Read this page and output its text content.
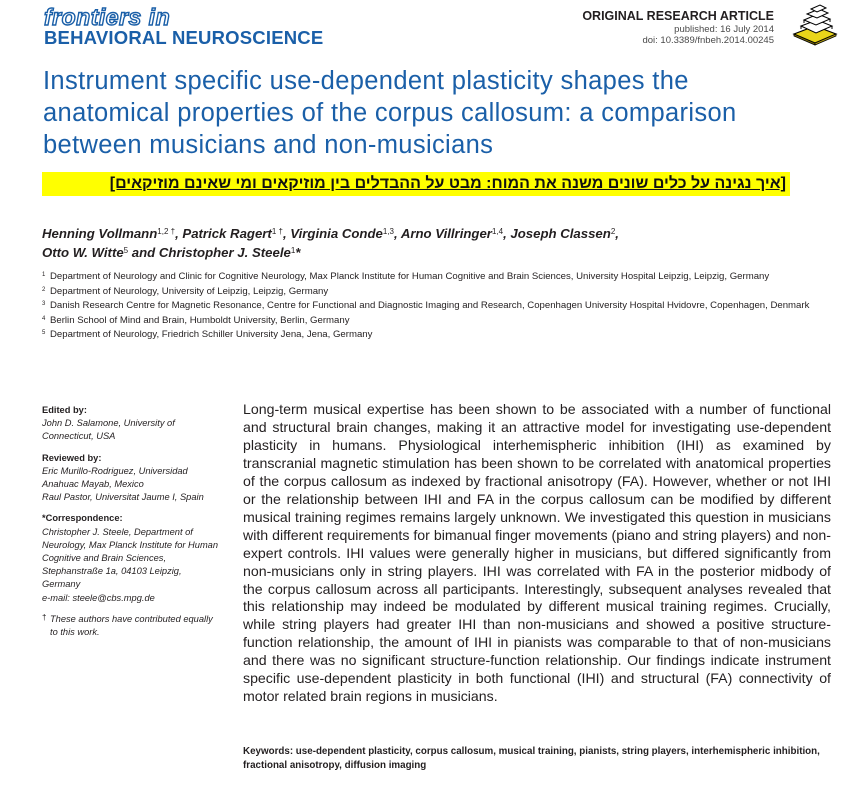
frontiers in
BEHAVIORAL NEUROSCIENCE
ORIGINAL RESEARCH ARTICLE
published: 16 July 2014
doi: 10.3389/fnbeh.2014.00245
Instrument specific use-dependent plasticity shapes the anatomical properties of the corpus callosum: a comparison between musicians and non-musicians
[איך נגינה על כלים שונים משנה את המוח: מבט על ההבדלים בין מוזיקאים ומי שאינם מוזיקאים]
Henning Vollmann$^{1,2 \dagger}$, Patrick Ragert$^{1 \dagger}$, Virginia Conde$^{1,3}$, Arno Villringer$^{1,4}$, Joseph Classen$^2$,
Otto W. Witte$^5$ and Christopher J. Steele$^1$*
1 Department of Neurology and Clinic for Cognitive Neurology, Max Planck Institute for Human Cognitive and Brain Sciences, University Hospital Leipzig, Leipzig, Germany
2 Department of Neurology, University of Leipzig, Leipzig, Germany
3 Danish Research Centre for Magnetic Resonance, Centre for Functional and Diagnostic Imaging and Research, Copenhagen University Hospital Hvidovre, Copenhagen, Denmark
4 Berlin School of Mind and Brain, Humboldt University, Berlin, Germany
5 Department of Neurology, Friedrich Schiller University Jena, Jena, Germany
Edited by:
John D. Salamone, University of Connecticut, USA
Reviewed by:
Eric Murillo-Rodriguez, Universidad Anahuac Mayab, Mexico
Raul Pastor, Universitat Jaume I, Spain
*Correspondence:
Christopher J. Steele, Department of Neurology, Max Planck Institute for Human Cognitive and Brain Sciences, Stephanstraße 1a, 04103 Leipzig, Germany
e-mail: steele@cbs.mpg.de
† These authors have contributed equally to this work.
Long-term musical expertise has been shown to be associated with a number of functional and structural brain changes, making it an attractive model for investigating use-dependent plasticity in humans. Physiological interhemispheric inhibition (IHI) as examined by transcranial magnetic stimulation has been shown to be correlated with anatomical properties of the corpus callosum as indexed by fractional anisotropy (FA). However, whether or not IHI or the relationship between IHI and FA in the corpus callosum can be modified by different musical training regimes remains largely unknown. We investigated this question in musicians with different requirements for bimanual finger movements (piano and string players) and non-expert controls. IHI values were generally higher in musicians, but differed significantly from non-musicians only in string players. IHI was correlated with FA in the posterior midbody of the corpus callosum across all participants. Interestingly, subsequent analyses revealed that this relationship may indeed be modulated by different musical training regimes. Crucially, while string players had greater IHI than non-musicians and showed a positive structure-function relationship, the amount of IHI in pianists was comparable to that of non-musicians and there was no significant structure-function relationship. Our findings indicate instrument specific use-dependent plasticity in both functional (IHI) and structural (FA) connectivity of motor related brain regions in musicians.
Keywords: use-dependent plasticity, corpus callosum, musical training, pianists, string players, interhemispheric inhibition, fractional anisotropy, diffusion imaging
